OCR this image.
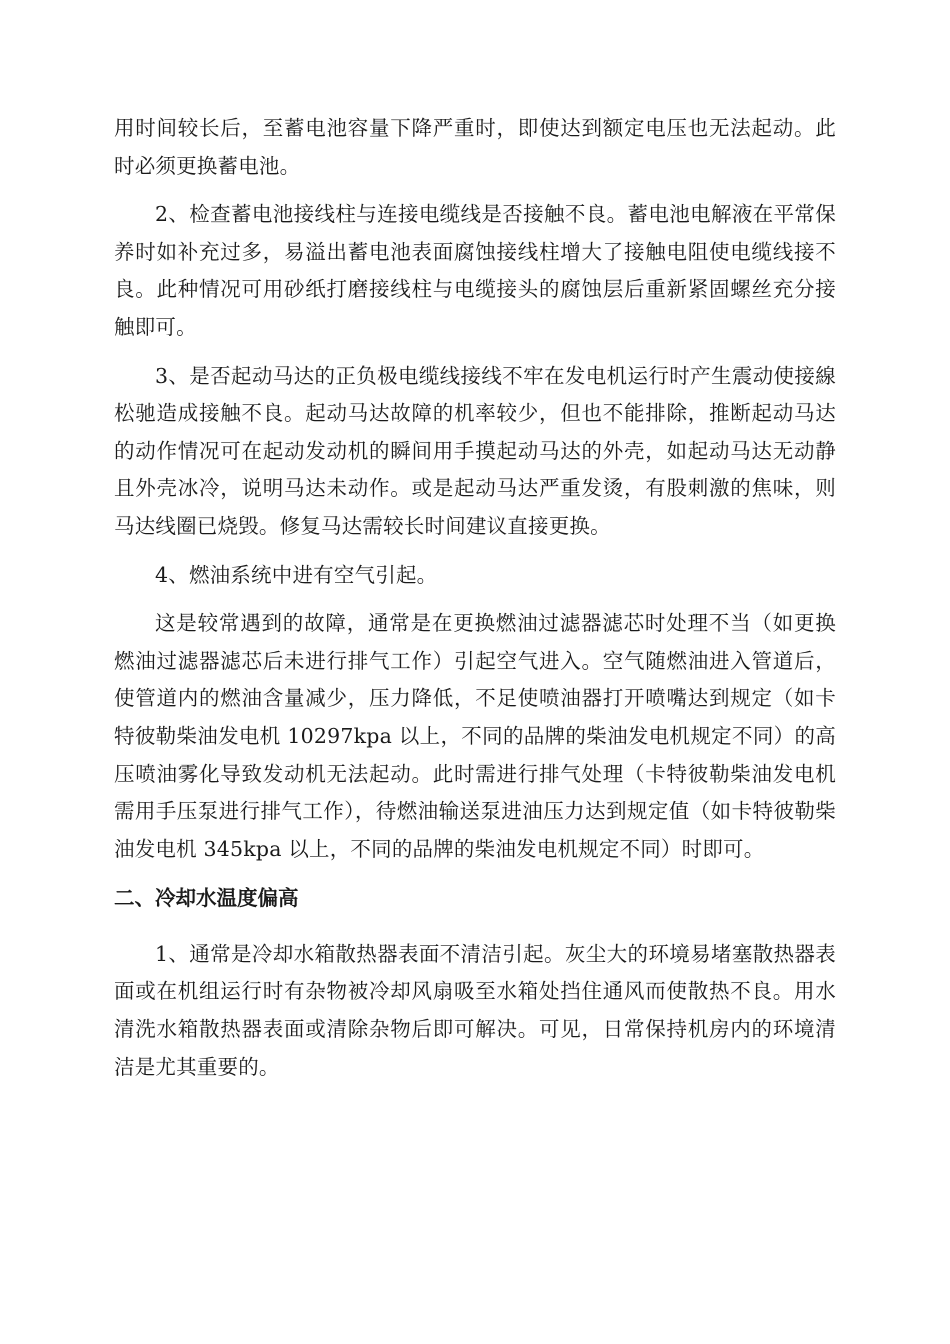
用时间较长后，至蓄电池容量下降严重时，即使达到额定电压也无法起动。此时必须更换蓄电池。

2、检查蓄电池接线柱与连接电缆线是否接触不良。蓄电池电解液在平常保养时如补充过多，易溢出蓄电池表面腐蚀接线柱增大了接触电阻使电缆线接不良。此种情况可用砂纸打磨接线柱与电缆接头的腐蚀层后重新紧固螺丝充分接触即可。

3、是否起动马达的正负极电缆线接线不牢在发电机运行时产生震动使接線松驰造成接触不良。起动马达故障的机率较少，但也不能排除，推断起动马达的动作情况可在起动发动机的瞬间用手摸起动马达的外壳，如起动马达无动静且外壳冰冷，说明马达未动作。或是起动马达严重发烫，有股刺激的焦味，则马达线圈已烧毁。修复马达需较长时间建议直接更换。

4、燃油系统中进有空气引起。

这是较常遇到的故障，通常是在更换燃油过滤器滤芯时处理不当（如更换燃油过滤器滤芯后未进行排气工作）引起空气进入。空气随燃油进入管道后，使管道内的燃油含量减少，压力降低，不足使喷油器打开喷嘴达到规定（如卡特彼勒柴油发电机 10297kpa 以上，不同的品牌的柴油发电机规定不同）的高压喷油雾化导致发动机无法起动。此时需进行排气处理（卡特彼勒柴油发电机需用手压泵进行排气工作），待燃油输送泵进油压力达到规定值（如卡特彼勒柴油发电机 345kpa 以上，不同的品牌的柴油发电机规定不同）时即可。

二、冷却水温度偏高

1、通常是冷却水箱散热器表面不清洁引起。灰尘大的环境易堵塞散热器表面或在机组运行时有杂物被冷却风扇吸至水箱处挡住通风而使散热不良。用水清洗水箱散热器表面或清除杂物后即可解决。可见，日常保持机房内的环境清洁是尤其重要的。
